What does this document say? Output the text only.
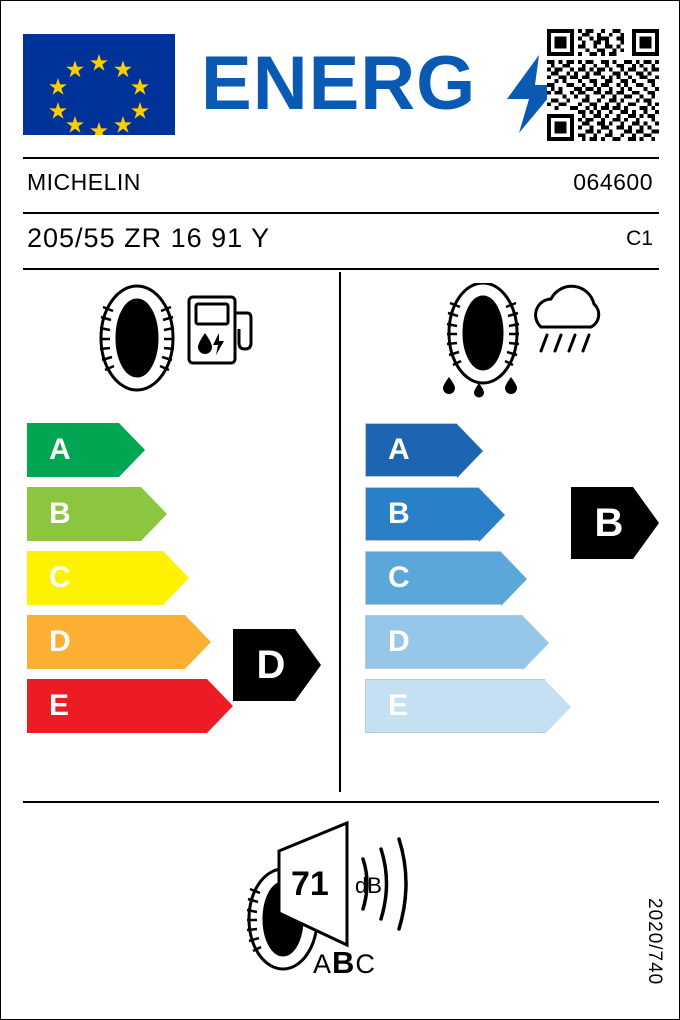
ENERG
MICHELIN	064600
205/55 ZR 16 91 Y	C1
A
B
C
D
E
A
B
C
D
E
D
B
71 dB
ABC	2020/740
